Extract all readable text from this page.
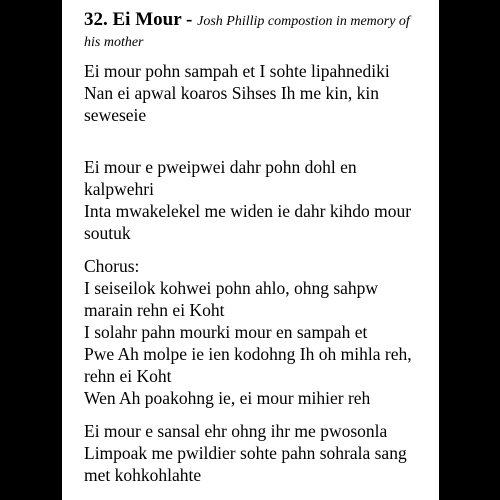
32. Ei Mour - Josh Phillip compostion in memory of his mother

Ei mour pohn sampah et I sohte lipahnediki
Nan ei apwal koaros Sihses Ih me kin, kin seweseie

Ei mour e pweipwei dahr pohn dohl en kalpwehri
Inta mwakelekel me widen ie dahr kihdo mour soutuk

Chorus:
I seiseilok kohwei pohn ahlo, ohng sahpw marain rehn ei Koht
I solahr pahn mourki mour en sampah et
Pwe Ah molpe ie ien kodohng Ih oh mihla reh, rehn ei Koht
Wen Ah poakohng ie, ei mour mihier reh

Ei mour e sansal ehr ohng ihr me pwosonla
Limpoak me pwildier sohte pahn sohrala sang met kohkohlahte
